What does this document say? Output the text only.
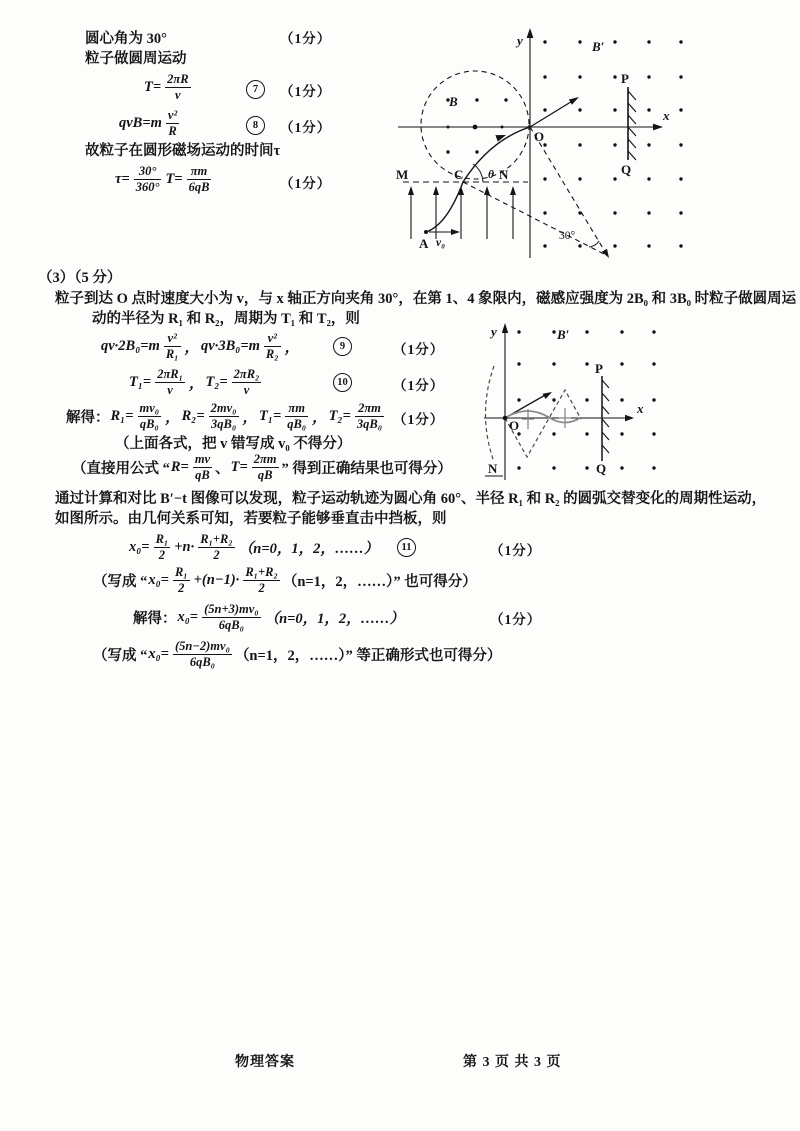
圆心角为 30°	（1分）
粒子做圆周运动
$T= \frac{2\pi R}{v}$	7	（1分）
$qvB=m \frac{\text{v²}}{R}$	8	（1分）
故粒子在圆形磁场运动的时间τ
$\tau= \frac{30^\circ}{360^\circ} T= \frac{\pi m}{6qB}$	（1分）
y
x
O
B
B′
M	C	N
θ
P
Q
A v₀
30°
（3）（5 分）
粒子到达 O 点时速度大小为 v，与 x 轴正方向夹角 30°，在第 1、4 象限内，磁感应强度为 2B₀ 和 3B₀ 时粒子做圆周运
动的半径为 R₁ 和 R₂，周期为 T₁ 和 T₂，则
$qv\cdot 2B_0=m \frac{\text{v²}}{\text{R₁}}$ ， $qv\cdot 3B_0=m \frac{\text{v²}}{\text{R₂}}$ ，	9	（1分）
$T_1= \frac{\text{2πR₁}}{v}$ ， $T_2= \frac{\text{2πR₂}}{v}$	10	（1分）
解得： $R_1= \frac{\text{mv₀}}{\text{qB₀}}$ ， $R_2= \frac{\text{2mv₀}}{\text{3qB₀}}$ ， $T_1= \frac{\pi m}{\text{qB₀}}$ ， $T_2= \frac{2\pi m}{\text{3qB₀}} (1$分）
（上面各式，把 v 错写成 v₀ 不得分）
（直接用公式 “ $R= \frac{mv}{qB}$ 、 $T= \frac{2\pi m}{qB}$ ” 得到正确结果也可得分）
通过计算和对比 B′−t 图像可以发现，粒子运动轨迹为圆心角 60°、半径 R₁ 和 R₂ 的圆弧交替变化的周期性运动，
如图所示。由几何关系可知，若要粒子能够垂直击中挡板，则
$x_0= \frac{\text{R₁}}{2} +n\cdot \frac{\text{R₁+R₂}}{2} (n=0$，1，2，……）	11	（1分）
（写成 “ $x_0= \frac{\text{R₁}}{2} +(n-1)\cdot \frac{\text{R₁+R₂}}{2} (n=1$，2，……）” 也可得分）
解得： $x_0= \frac{\text{(5n+3)mv₀}}{\text{6qB₀}} (n=0$，1，2，……）	（1分）
（写成 “ $x_0= \frac{\text{(5n−2)mv₀}}{\text{6qB₀}} (n=1$，2，……）” 等正确形式也可得分）
y
x
O
B′
P
Q
N
物理答案	第 3 页 共 3 页
